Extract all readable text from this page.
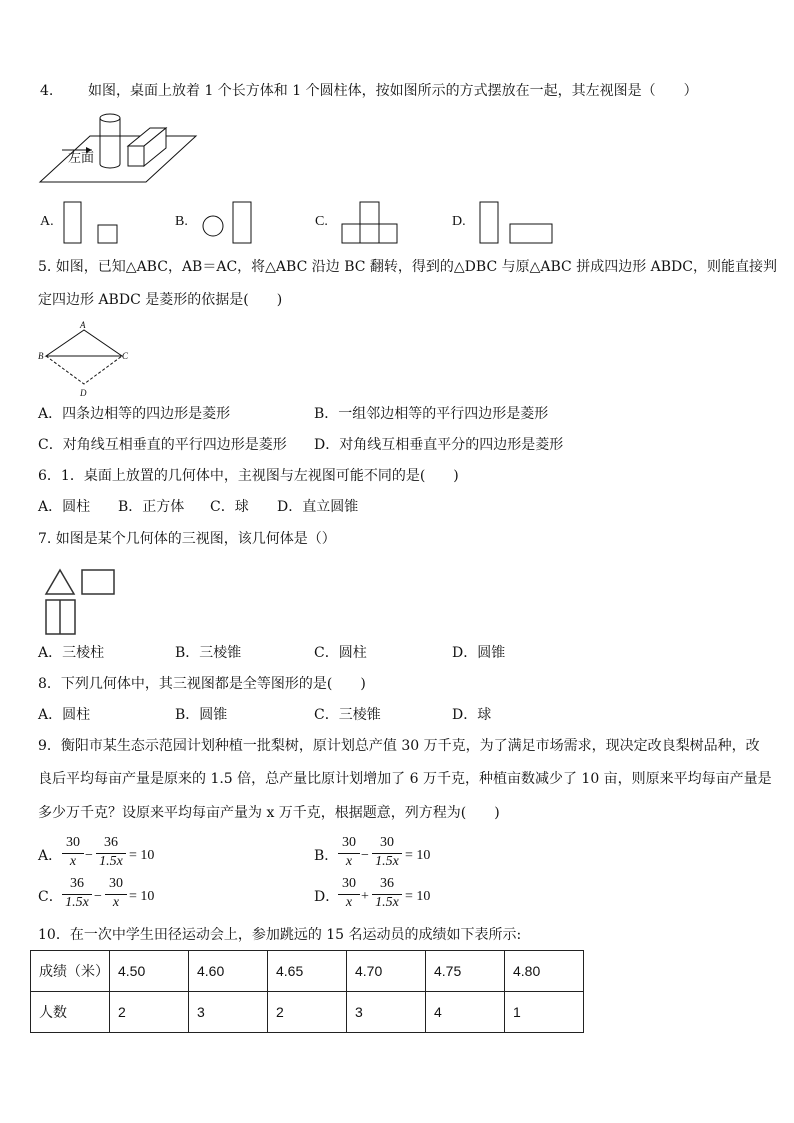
4. 如图，桌面上放着 1 个长方体和 1 个圆柱体，按如图所示的方式摆放在一起，其左视图是（　　）
左面
A.	B.	C.	D.
5. 如图，已知△ABC，AB＝AC，将△ABC 沿边 BC 翻转，得到的△DBC 与原△ABC 拼成四边形 ABDC，则能直接判
定四边形 ABDC 是菱形的依据是(　　)
A
B	C
D
A．四条边相等的四边形是菱形	B．一组邻边相等的平行四边形是菱形
C．对角线互相垂直的平行四边形是菱形 D．对角线互相垂直平分的四边形是菱形
6．1．桌面上放置的几何体中，主视图与左视图可能不同的是(　　)
A．圆柱 B．正方体 C．球 D．直立圆锥
7. 如图是某个几何体的三视图，该几何体是（）
A．三棱柱	B．三棱锥	C．圆柱	D．圆锥
8．下列几何体中，其三视图都是全等图形的是(　　)
A．圆柱	B．圆锥	C．三棱锥	D．球
9．衡阳市某生态示范园计划种植一批梨树，原计划总产值 30 万千克，为了满足市场需求，现决定改良梨树品种，改
良后平均每亩产量是原来的 1.5 倍，总产量比原计划增加了 6 万千克，种植亩数减少了 10 亩，则原来平均每亩产量是
多少万千克？设原来平均每亩产量为 x 万千克，根据题意，列方程为(　　)
A．
30
x −
36
1.5x = 10	B．
30
x −
30
1.5x = 10
C．
36
1.5x −
30
x = 10	D．
30
x +
36
1.5x = 10
10．在一次中学生田径运动会上，参加跳远的 15 名运动员的成绩如下表所示:
成绩（米）	4.50	4.60	4.65	4.70	4.75	4.80
人数	2	3	2	3	4	1
